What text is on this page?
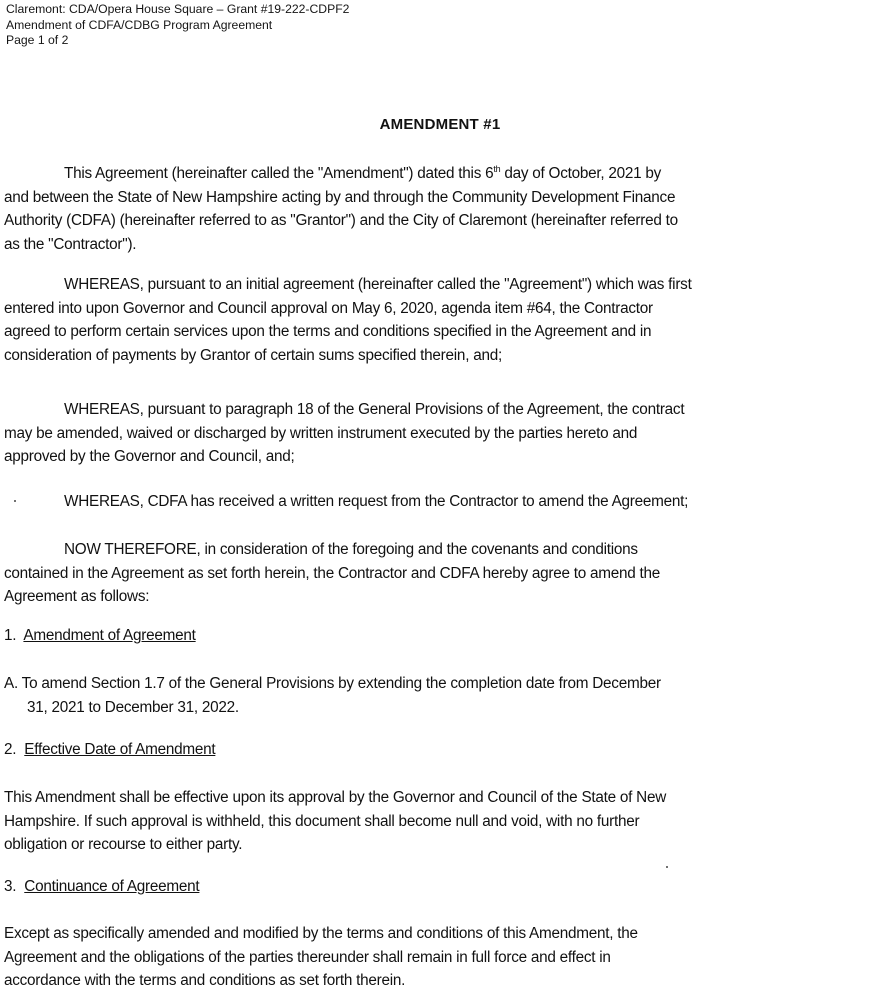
Claremont: CDA/Opera House Square – Grant #19-222-CDPF2
Amendment of CDFA/CDBG Program Agreement
Page 1 of 2
AMENDMENT #1
This Agreement (hereinafter called the "Amendment") dated this 6th day of October, 2021 by
and between the State of New Hampshire acting by and through the Community Development Finance
Authority (CDFA) (hereinafter referred to as "Grantor") and the City of Claremont (hereinafter referred to
as the "Contractor").
WHEREAS, pursuant to an initial agreement (hereinafter called the "Agreement") which was first
entered into upon Governor and Council approval on May 6, 2020, agenda item #64, the Contractor
agreed to perform certain services upon the terms and conditions specified in the Agreement and in
consideration of payments by Grantor of certain sums specified therein, and;
WHEREAS, pursuant to paragraph 18 of the General Provisions of the Agreement, the contract
may be amended, waived or discharged by written instrument executed by the parties hereto and
approved by the Governor and Council, and;
WHEREAS, CDFA has received a written request from the Contractor to amend the Agreement;
NOW THEREFORE, in consideration of the foregoing and the covenants and conditions
contained in the Agreement as set forth herein, the Contractor and CDFA hereby agree to amend the
Agreement as follows:
1. Amendment of Agreement
A. To amend Section 1.7 of the General Provisions by extending the completion date from December
31, 2021 to December 31, 2022.
2. Effective Date of Amendment
This Amendment shall be effective upon its approval by the Governor and Council of the State of New
Hampshire. If such approval is withheld, this document shall become null and void, with no further
obligation or recourse to either party.
3. Continuance of Agreement
Except as specifically amended and modified by the terms and conditions of this Amendment, the
Agreement and the obligations of the parties thereunder shall remain in full force and effect in
accordance with the terms and conditions as set forth therein.
